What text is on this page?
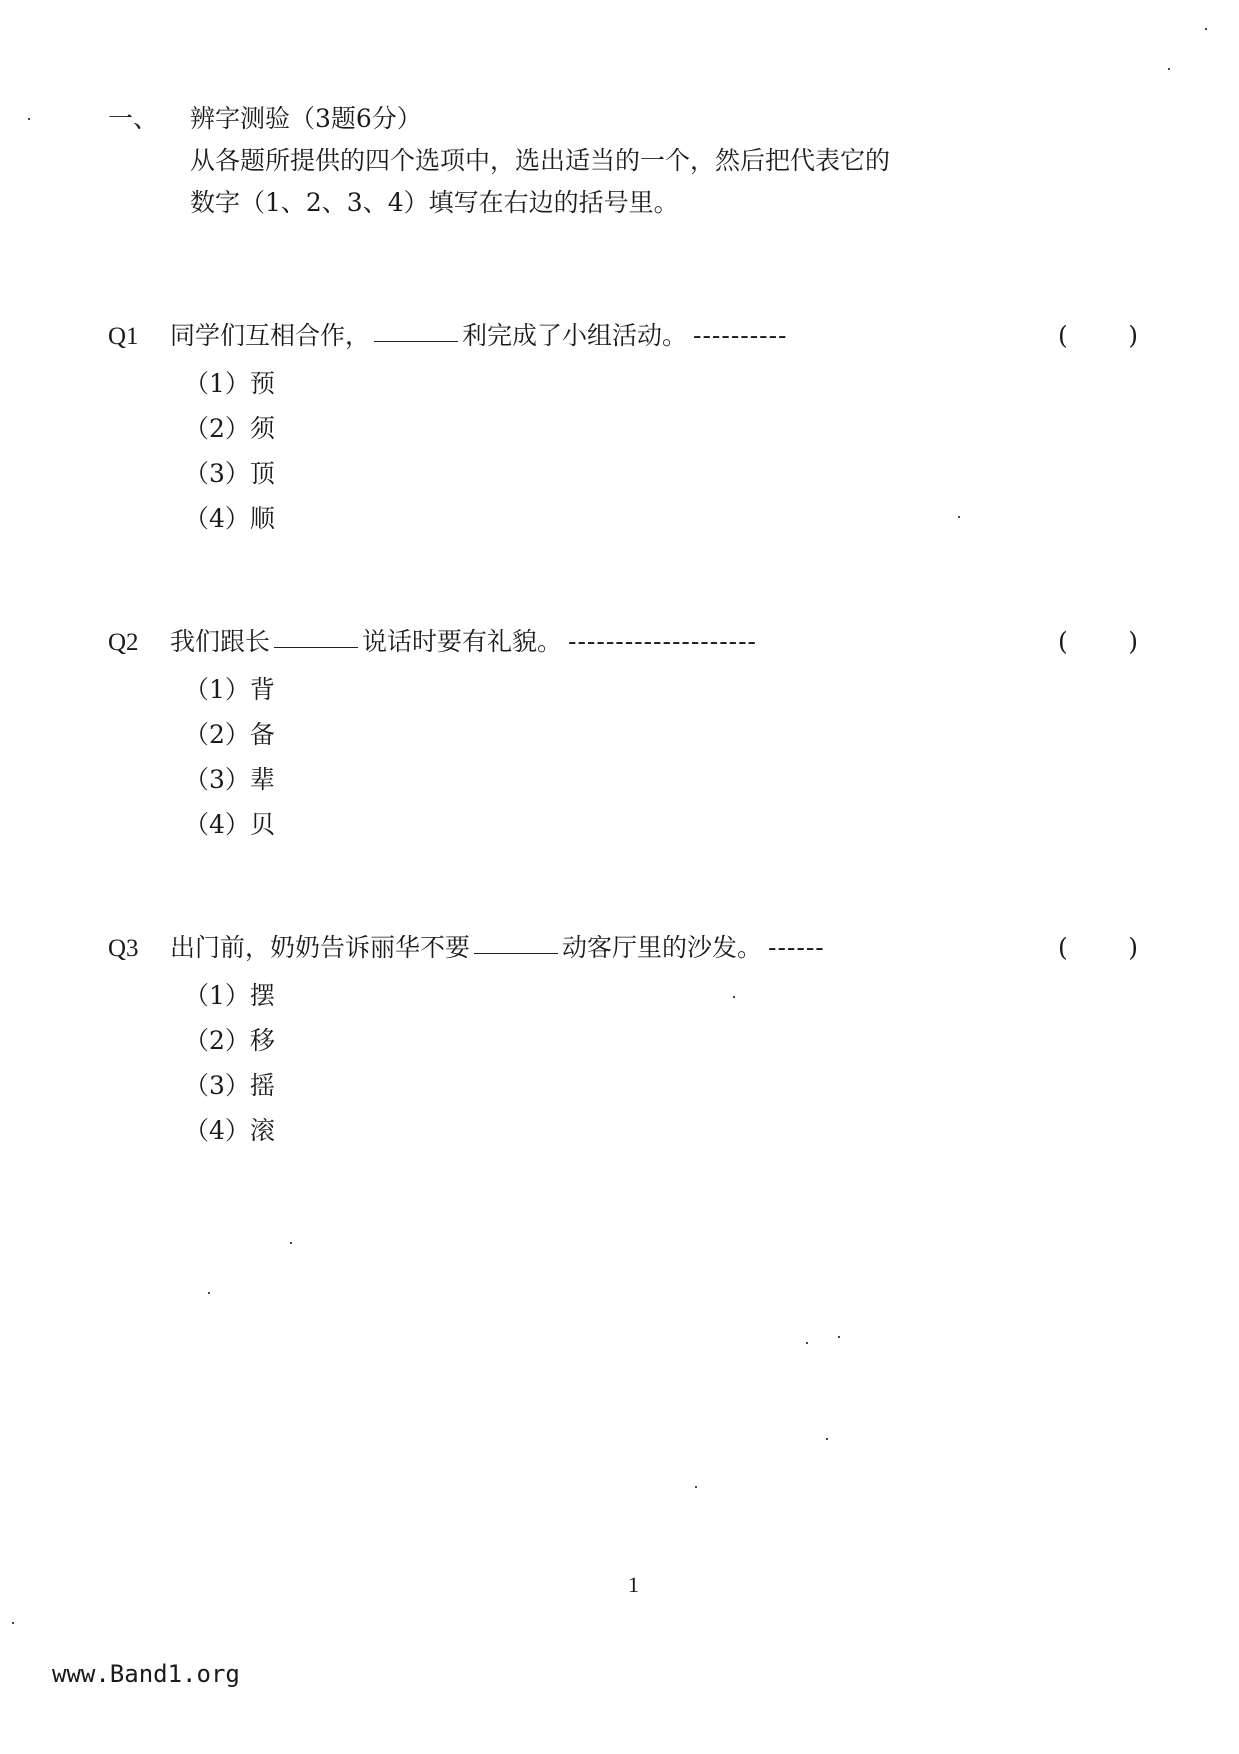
一、 辨字测验（3题6分）
从各题所提供的四个选项中，选出适当的一个，然后把代表它的
数字（1、2、3、4）填写在右边的括号里。
Q1 同学们互相合作，	利完成了小组活动。 ----------	( )
（1）预
（2）须
（3）顶
（4）顺
Q2 我们跟长	说话时要有礼貌。 --------------------	( )
（1）背
（2）备
（3）辈
（4）贝
Q3 出门前，奶奶告诉丽华不要	动客厅里的沙发。 ------	( )
（1）摆
（2）移
（3）摇
（4）滚
1
www.Band1.org
